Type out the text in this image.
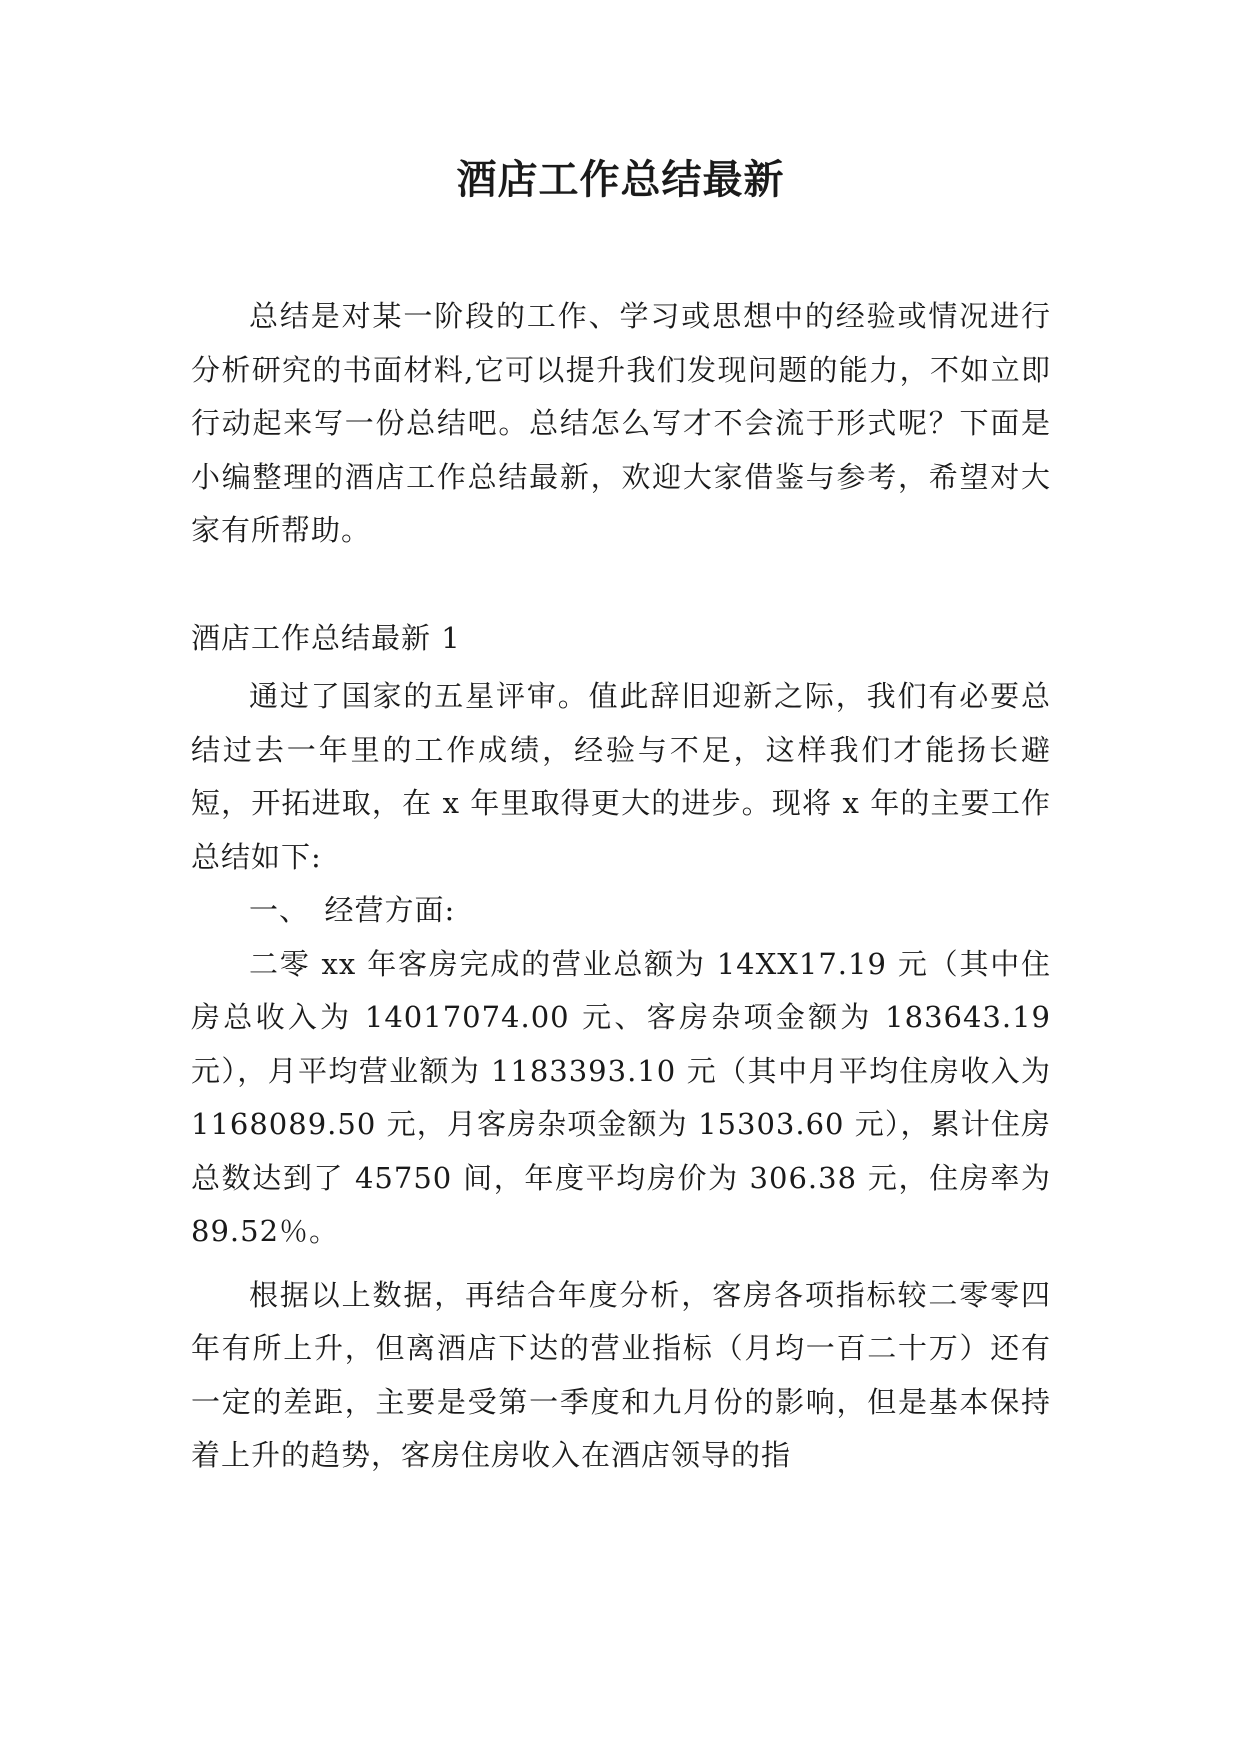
酒店工作总结最新

总结是对某一阶段的工作、学习或思想中的经验或情况进行分析研究的书面材料,它可以提升我们发现问题的能力，不如立即行动起来写一份总结吧。总结怎么写才不会流于形式呢？下面是小编整理的酒店工作总结最新，欢迎大家借鉴与参考，希望对大家有所帮助。

酒店工作总结最新 1

通过了国家的五星评审。值此辞旧迎新之际，我们有必要总结过去一年里的工作成绩，经验与不足，这样我们才能扬长避短，开拓进取，在 x 年里取得更大的进步。现将 x 年的主要工作总结如下:

一、　经营方面:

二零 xx 年客房完成的营业总额为 14XX17.19 元（其中住房总收入为 14017074.00 元、客房杂项金额为 183643.19 元），月平均营业额为 1183393.10 元（其中月平均住房收入为 1168089.50 元，月客房杂项金额为 15303.60 元），累计住房总数达到了 45750 间，年度平均房价为 306.38 元，住房率为 89.52％。

根据以上数据，再结合年度分析，客房各项指标较二零零四年有所上升，但离酒店下达的营业指标（月均一百二十万）还有一定的差距，主要是受第一季度和九月份的影响，但是基本保持着上升的趋势，客房住房收入在酒店领导的指
